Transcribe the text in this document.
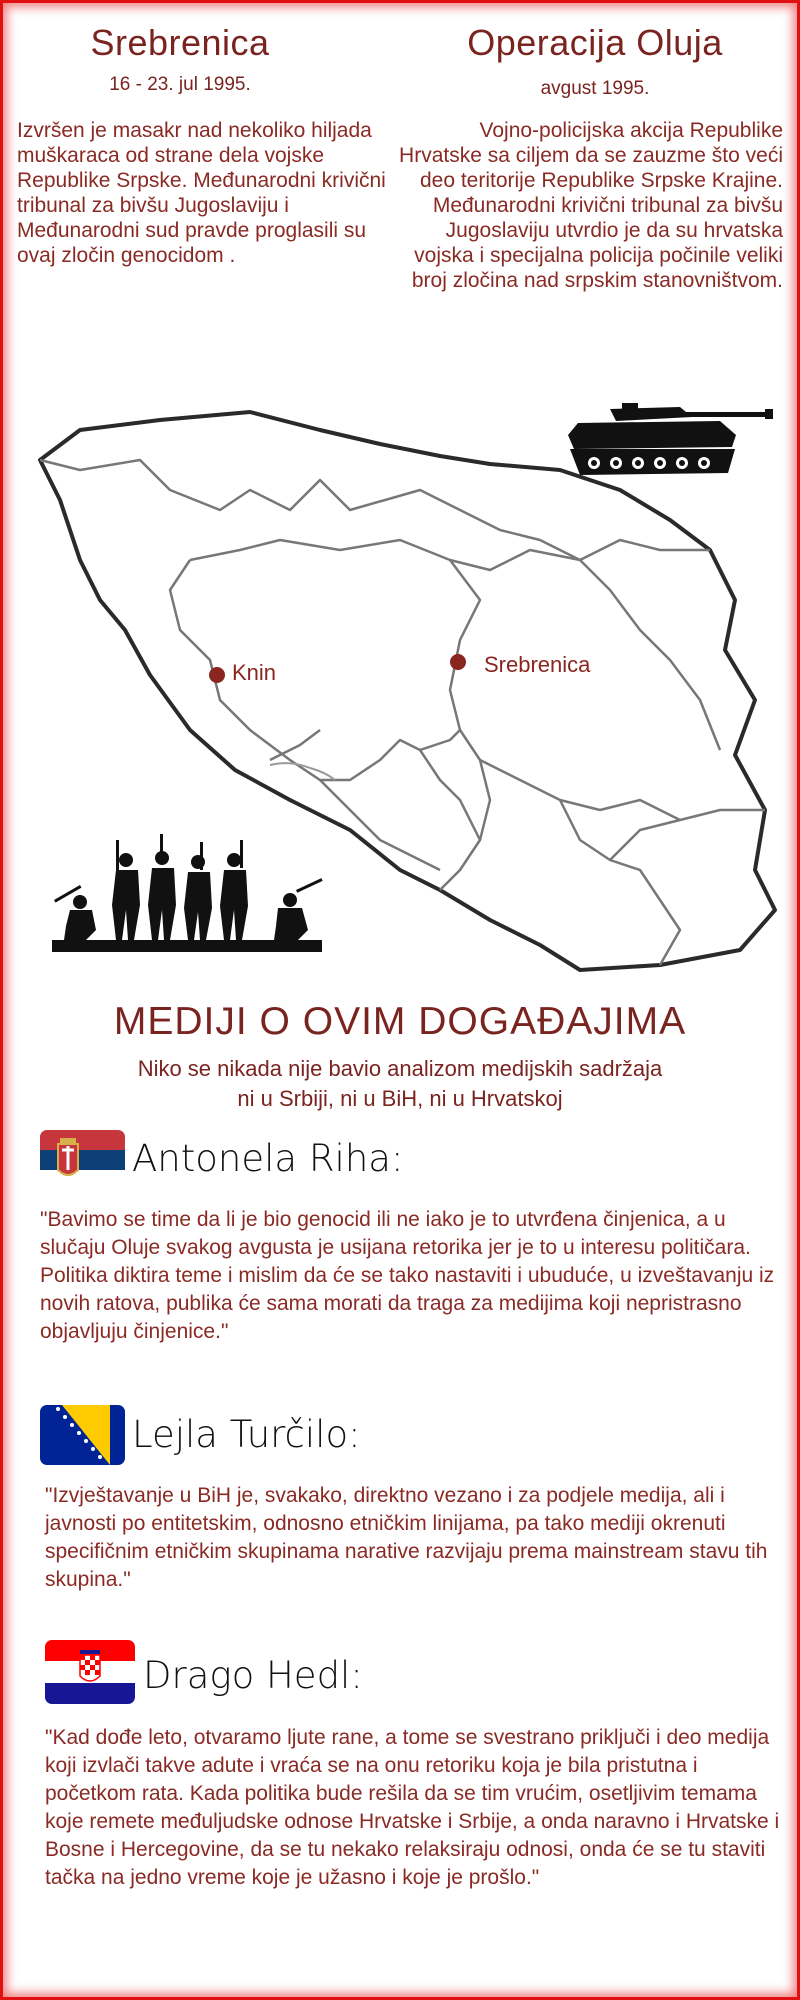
Srebrenica
16 - 23. jul 1995.
Izvršen je masakr nad nekoliko hiljada muškaraca od strane dela vojske Republike Srpske. Međunarodni krivični tribunal za bivšu Jugoslaviju i Međunarodni sud pravde proglasili su ovaj zločin genocidom .
Operacija Oluja
avgust 1995.
Vojno-policijska akcija Republike Hrvatske sa ciljem da se zauzme što veći deo teritorije Republike Srpske Krajine. Međunarodni krivični tribunal za bivšu Jugoslaviju utvrdio je da su hrvatska vojska i specijalna policija počinile veliki broj zločina nad srpskim stanovništvom.
Knin	Srebrenica
MEDIJI O OVIM DOGAĐAJIMA
Niko se nikada nije bavio analizom medijskih sadržaja
ni u Srbiji, ni u BiH, ni u Hrvatskoj
Antonela Riha:
"Bavimo se time da li je bio genocid ili ne iako je to utvrđena činjenica, a u slučaju Oluje svakog avgusta je usijana retorika jer je to u interesu političara. Politika diktira teme i mislim da će se tako nastaviti i ubuduće, u izveštavanju iz novih ratova, publika će sama morati da traga za medijima koji nepristrasno objavljuju činjenice."
Lejla Turčilo:
"Izvještavanje u BiH je, svakako, direktno vezano i za podjele medija, ali i javnosti po entitetskim, odnosno etničkim linijama, pa tako mediji okrenuti specifičnim etničkim skupinama narative razvijaju prema mainstream stavu tih skupina."
Drago Hedl:
"Kad dođe leto, otvaramo ljute rane, a tome se svestrano priključi i deo medija koji izvlači takve adute i vraća se na onu retoriku koja je bila pristutna i početkom rata. Kada politika bude rešila da se tim vrućim, osetljivim temama koje remete međuljudske odnose Hrvatske i Srbije, a onda naravno i Hrvatske i Bosne i Hercegovine, da se tu nekako relaksiraju odnosi, onda će se tu staviti tačka na jedno vreme koje je užasno i koje je prošlo."
